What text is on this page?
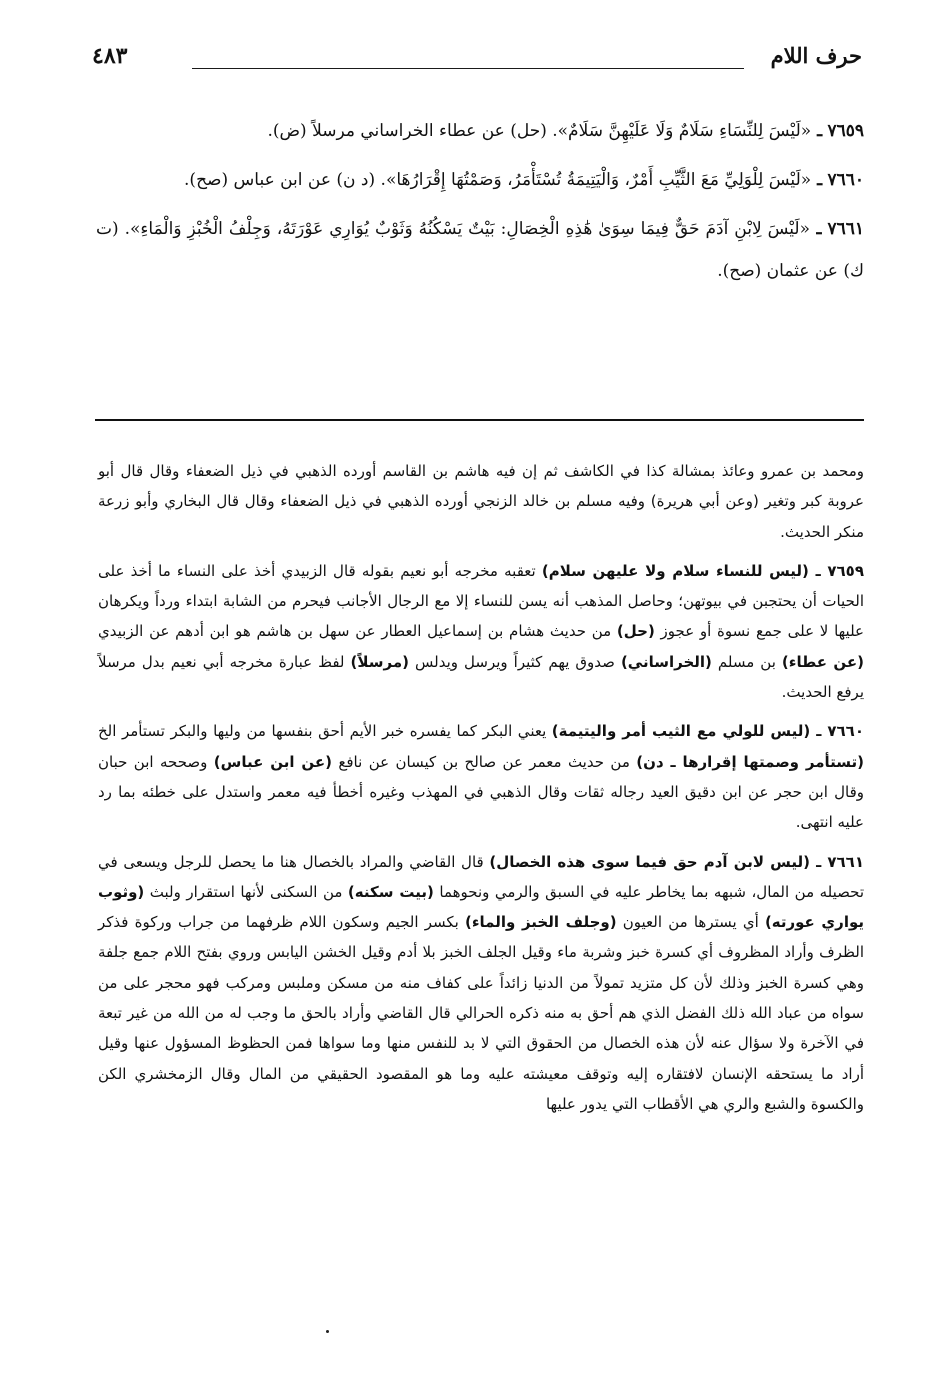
حرف اللام
٤٨٣

٧٦٥٩ ـ «لَيْسَ لِلنِّسَاءِ سَلَامٌ وَلَا عَلَيْهِنَّ سَلَامٌ». (حل) عن عطاء الخراساني مرسلاً (ض).

٧٦٦٠ ـ «لَيْسَ لِلْوَلِيِّ مَعَ الثَّيِّبِ أَمْرٌ، وَالْيَتِيمَةُ تُسْتَأْمَرُ، وَصَمْتُهَا إِقْرَارُهَا». (د ن) عن ابن عباس (صح).

٧٦٦١ ـ «لَيْسَ لِابْنِ آدَمَ حَقٌّ فِيمَا سِوَىٰ هَٰذِهِ الْخِصَالِ: بَيْتٌ يَسْكُنُهُ وَثَوْبٌ يُوَارِي عَوْرَتَهُ، وَجِلْفُ الْخُبْزِ وَالْمَاءِ». (ت ك) عن عثمان (صح).

ومحمد بن عمرو وعائذ بمشالة كذا في الكاشف ثم إن فيه هاشم بن القاسم أورده الذهبي في ذيل الضعفاء وقال قال أبو عروبة كبر وتغير (وعن أبي هريرة) وفيه مسلم بن خالد الزنجي أورده الذهبي في ذيل الضعفاء وقال قال البخاري وأبو زرعة منكر الحديث.

٧٦٥٩ ـ (ليس للنساء سلام ولا عليهن سلام) تعقبه مخرجه أبو نعيم بقوله قال الزبيدي أخذ على النساء ما أخذ على الحيات أن يحتجبن في بيوتهن؛ وحاصل المذهب أنه يسن للنساء إلا مع الرجال الأجانب فيحرم من الشابة ابتداء ورداً ويكرهان عليها لا على جمع نسوة أو عجوز (حل) من حديث هشام بن إسماعيل العطار عن سهل بن هاشم هو ابن أدهم عن الزبيدي (عن عطاء) بن مسلم (الخراساني) صدوق يهم كثيراً ويرسل ويدلس (مرسلاً) لفظ عبارة مخرجه أبي نعيم بدل مرسلاً يرفع الحديث.

٧٦٦٠ ـ (ليس للولي مع الثيب أمر واليتيمة) يعني البكر كما يفسره خبر الأيم أحق بنفسها من وليها والبكر تستأمر الخ (تستأمر وصمتها إقرارها ـ دن) من حديث معمر عن صالح بن كيسان عن نافع (عن ابن عباس) وصححه ابن حبان وقال ابن حجر عن ابن دقيق العيد رجاله ثقات وقال الذهبي في المهذب وغيره أخطأ فيه معمر واستدل على خطئه بما رد عليه انتهى.

٧٦٦١ ـ (ليس لابن آدم حق فيما سوى هذه الخصال) قال القاضي والمراد بالخصال هنا ما يحصل للرجل ويسعى في تحصيله من المال، شبهه بما يخاطر عليه في السبق والرمي ونحوهما (بيت سكنه) من السكنى لأنها استقرار ولبث (وثوب يواري عورته) أي يسترها من العيون (وجلف الخبز والماء) بكسر الجيم وسكون اللام ظرفهما من جراب وركوة فذكر الظرف وأراد المظروف أي كسرة خبز وشربة ماء وقيل الجلف الخبز بلا أدم وقيل الخشن اليابس وروي بفتح اللام جمع جلفة وهي كسرة الخبز وذلك لأن كل متزيد تمولاً من الدنيا زائداً على كفاف منه من مسكن وملبس ومركب فهو محجر على من سواه من عباد الله ذلك الفضل الذي هم أحق به منه ذكره الحرالي قال القاضي وأراد بالحق ما وجب له من الله من غير تبعة في الآخرة ولا سؤال عنه لأن هذه الخصال من الحقوق التي لا بد للنفس منها وما سواها فمن الحظوظ المسؤول عنها وقيل أراد ما يستحقه الإنسان لافتقاره إليه وتوقف معيشته عليه وما هو المقصود الحقيقي من المال وقال الزمخشري الكن والكسوة والشبع والري هي الأقطاب التي يدور عليها
